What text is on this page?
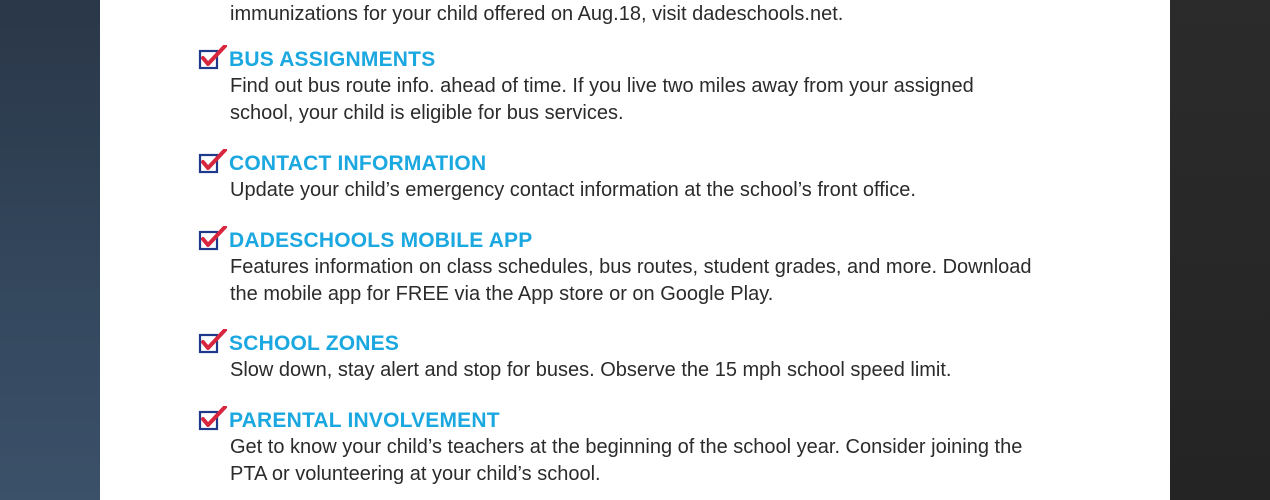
immunizations for your child offered on Aug.18, visit dadeschools.net.
BUS ASSIGNMENTS
Find out bus route info. ahead of time. If you live two miles away from your assigned
school, your child is eligible for bus services.
CONTACT INFORMATION
Update your child’s emergency contact information at the school’s front office.
DADESCHOOLS MOBILE APP
Features information on class schedules, bus routes, student grades, and more. Download
the mobile app for FREE via the App store or on Google Play.
SCHOOL ZONES
Slow down, stay alert and stop for buses. Observe the 15 mph school speed limit.
PARENTAL INVOLVEMENT
Get to know your child’s teachers at the beginning of the school year. Consider joining the
PTA or volunteering at your child’s school.
